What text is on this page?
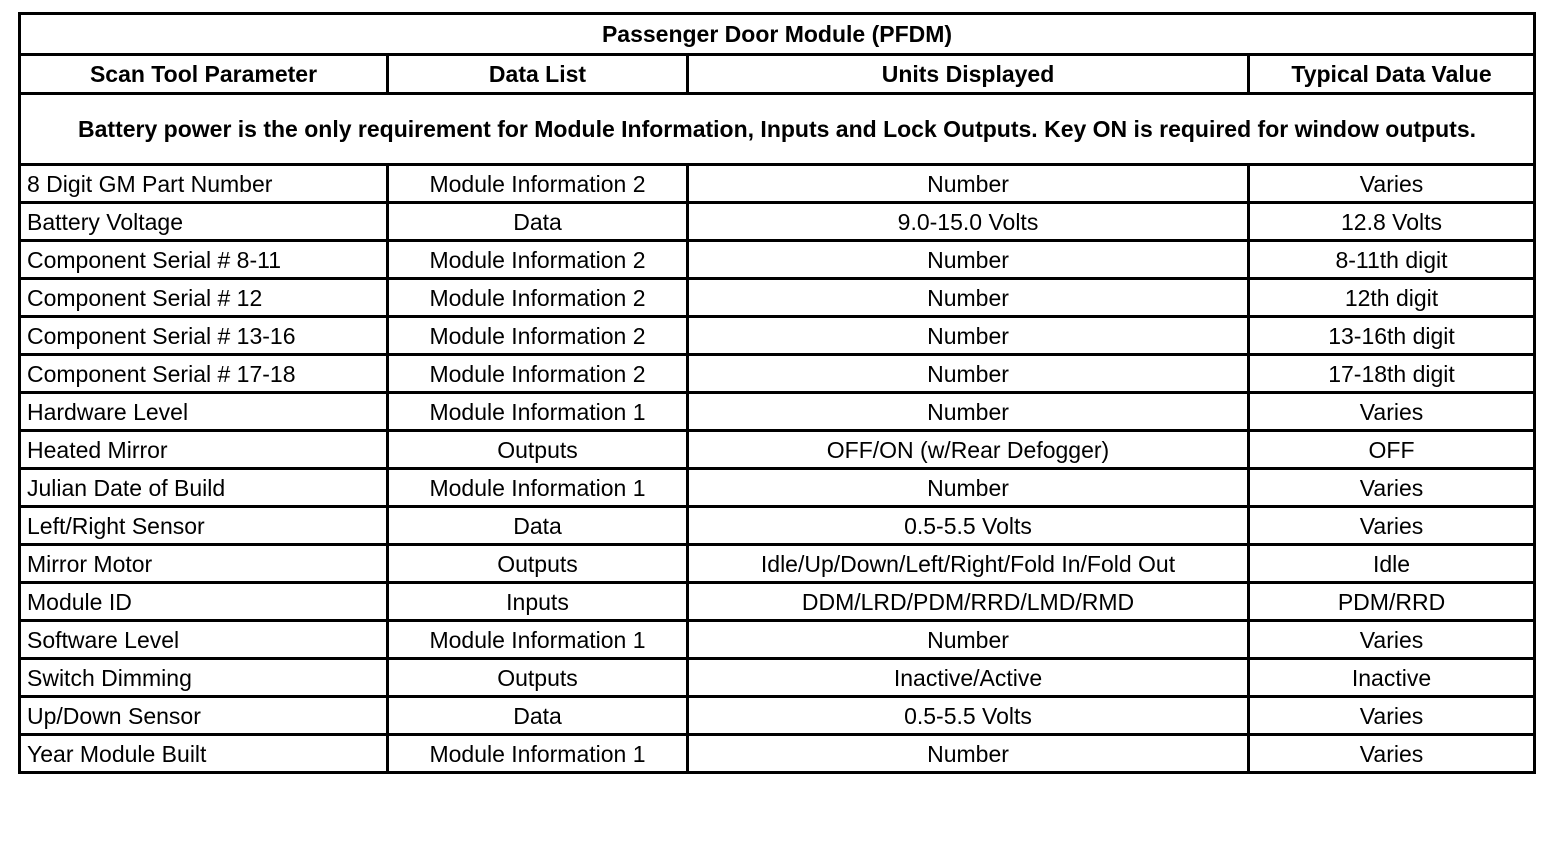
Passenger Door Module (PFDM)			
Scan Tool Parameter	Data List	Units Displayed	Typical Data Value
Battery power is the only requirement for Module Information, Inputs and Lock Outputs. Key ON is required for window outputs.			
8 Digit GM Part Number	Module Information 2	Number	Varies
Battery Voltage	Data	9.0-15.0 Volts	12.8 Volts
Component Serial # 8-11	Module Information 2	Number	8-11th digit
Component Serial # 12	Module Information 2	Number	12th digit
Component Serial # 13-16	Module Information 2	Number	13-16th digit
Component Serial # 17-18	Module Information 2	Number	17-18th digit
Hardware Level	Module Information 1	Number	Varies
Heated Mirror	Outputs	OFF/ON (w/Rear Defogger)	OFF
Julian Date of Build	Module Information 1	Number	Varies
Left/Right Sensor	Data	0.5-5.5 Volts	Varies
Mirror Motor	Outputs	Idle/Up/Down/Left/Right/Fold In/Fold Out	Idle
Module ID	Inputs	DDM/LRD/PDM/RRD/LMD/RMD	PDM/RRD
Software Level	Module Information 1	Number	Varies
Switch Dimming	Outputs	Inactive/Active	Inactive
Up/Down Sensor	Data	0.5-5.5 Volts	Varies
Year Module Built	Module Information 1	Number	Varies
